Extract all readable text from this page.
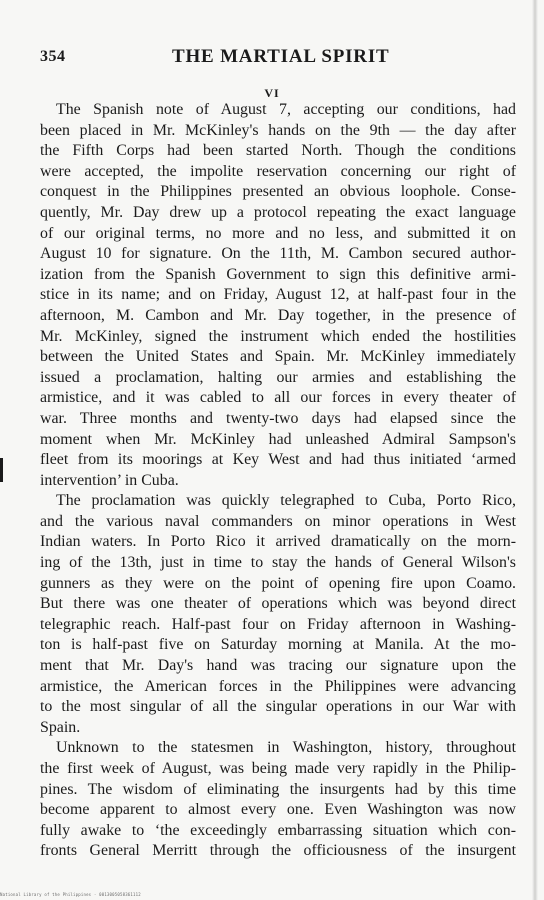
354	THE MARTIAL SPIRIT
VI
The Spanish note of August 7, accepting our conditions, had
been placed in Mr. McKinley's hands on the 9th — the day after
the Fifth Corps had been started North. Though the conditions
were accepted, the impolite reservation concerning our right of
conquest in the Philippines presented an obvious loophole. Conse-
quently, Mr. Day drew up a protocol repeating the exact language
of our original terms, no more and no less, and submitted it on
August 10 for signature. On the 11th, M. Cambon secured author-
ization from the Spanish Government to sign this definitive armi-
stice in its name; and on Friday, August 12, at half-past four in the
afternoon, M. Cambon and Mr. Day together, in the presence of
Mr. McKinley, signed the instrument which ended the hostilities
between the United States and Spain. Mr. McKinley immediately
issued a proclamation, halting our armies and establishing the
armistice, and it was cabled to all our forces in every theater of
war. Three months and twenty-two days had elapsed since the
moment when Mr. McKinley had unleashed Admiral Sampson's
fleet from its moorings at Key West and had thus initiated ‘armed
intervention’ in Cuba.
The proclamation was quickly telegraphed to Cuba, Porto Rico,
and the various naval commanders on minor operations in West
Indian waters. In Porto Rico it arrived dramatically on the morn-
ing of the 13th, just in time to stay the hands of General Wilson's
gunners as they were on the point of opening fire upon Coamo.
But there was one theater of operations which was beyond direct
telegraphic reach. Half-past four on Friday afternoon in Washing-
ton is half-past five on Saturday morning at Manila. At the mo-
ment that Mr. Day's hand was tracing our signature upon the
armistice, the American forces in the Philippines were advancing
to the most singular of all the singular operations in our War with
Spain.
Unknown to the statesmen in Washington, history, throughout
the first week of August, was being made very rapidly in the Philip-
pines. The wisdom of eliminating the insurgents had by this time
become apparent to almost every one. Even Washington was now
fully awake to ‘the exceedingly embarrassing situation which con-
fronts General Merritt through the officiousness of the insurgent
National Library of the Philippines · 0013005058361112
